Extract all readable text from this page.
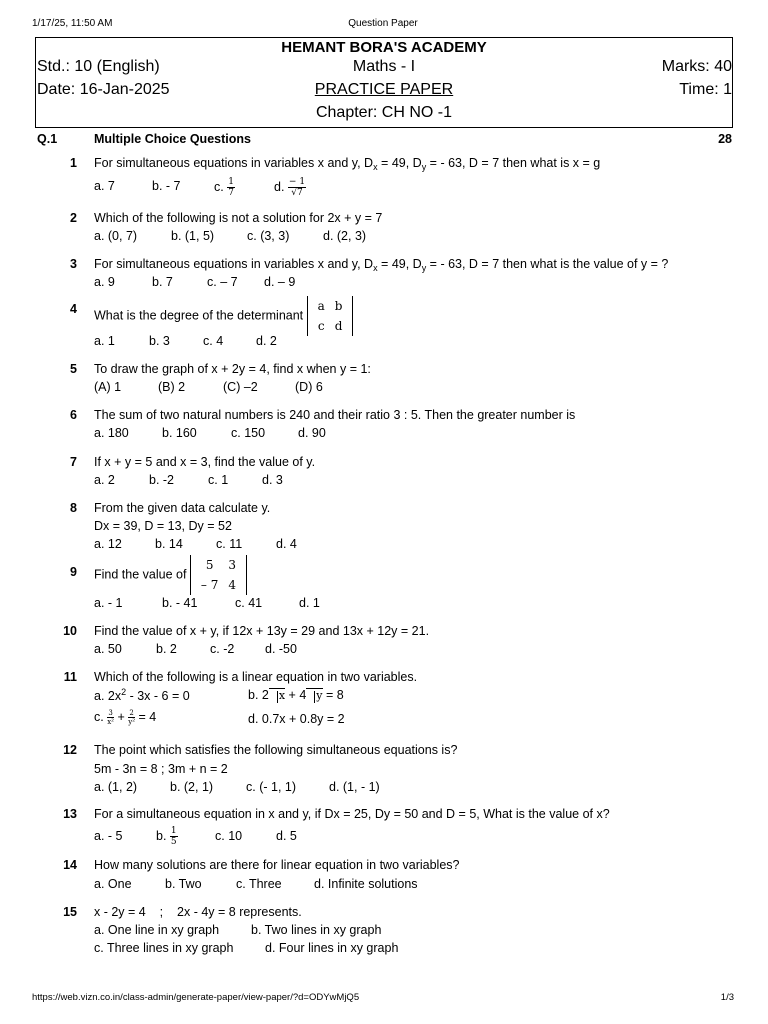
1/17/25, 11:50 AM	Question Paper
HEMANT BORA'S ACADEMY
Std.: 10 (English)	Maths - I	Marks: 40
Date: 16-Jan-2025	PRACTICE PAPER	Time: 1
Chapter: CH NO -1
Q.1	Multiple Choice Questions	28
1 For simultaneous equations in variables x and y, $D_x = 49$, $D_y$ = - 63, D = 7 then what is x = g
a. 7	b. - 7	c. $\frac{1}{7}$	d. $\frac{- 1}{√7}$
2 Which of the following is not a solution for 2x + y = 7
a. (0, 7)	b. (1, 5)	c. (3, 3)	d. (2, 3)
3 For simultaneous equations in variables x and y, $D_x = 49$, $D_y$ = - 63, D = 7 then what is the value of y = ?
a. 9	b. 7	c. – 7 d. – 9
4 What is the degree of the determinant
a	b
c	d
a. 1	b. 3	c. 4	d. 2
5 To draw the graph of x + 2y = 4, find x when y = 1:
(A) 1	(B) 2	(C) –2	(D) 6
6 The sum of two natural numbers is 240 and their ratio 3 : 5. Then the greater number is
a. 180	b. 160	c. 150	d. 90
7 If x + y = 5 and x = 3, find the value of y.
a. 2	b. -2	c. 1	d. 3
8 From the given data calculate y.
Dx = 39, D = 13, Dy = 52
a. 12	b. 14	c. 11	d. 4
9 Find the value of
5	3
– 7	4
a. - 1	b. - 41	c. 41	d. 1
10 Find the value of x + y, if 12x + 13y = 29 and 13x + 12y = 21.
a. 50	b. 2	c. -2 d. -50
11 Which of the following is a linear equation in two variables.
a. $2x^2 - 3x - 6 = 0$	b. 2 x + 4 y = 8
c. $\frac{3}{\text{x²}} + \frac{2}{\text{y²}} = 4$	d. 0.7x + 0.8y = 2
12 The point which satisfies the following simultaneous equations is?
5m - 3n = 8 ; 3m + n = 2
a. (1, 2)	b. (2, 1)	c. (- 1, 1)	d. (1, - 1)
13 For a simultaneous equation in x and y, if Dx = 25, Dy = 50 and D = 5, What is the value of x?
a. - 5	b. $\frac{1}{5}$	c. 10	d. 5
14 How many solutions are there for linear equation in two variables?
a. One	b. Two	c. Three	d. Infinite solutions
15 x - 2y = 4    ;    2x - 4y = 8 represents.
a. One line in xy graph	b. Two lines in xy graph
c. Three lines in xy graph	d. Four lines in xy graph
https://web.vizn.co.in/class-admin/generate-paper/view-paper/?d=ODYwMjQ5	1/3
